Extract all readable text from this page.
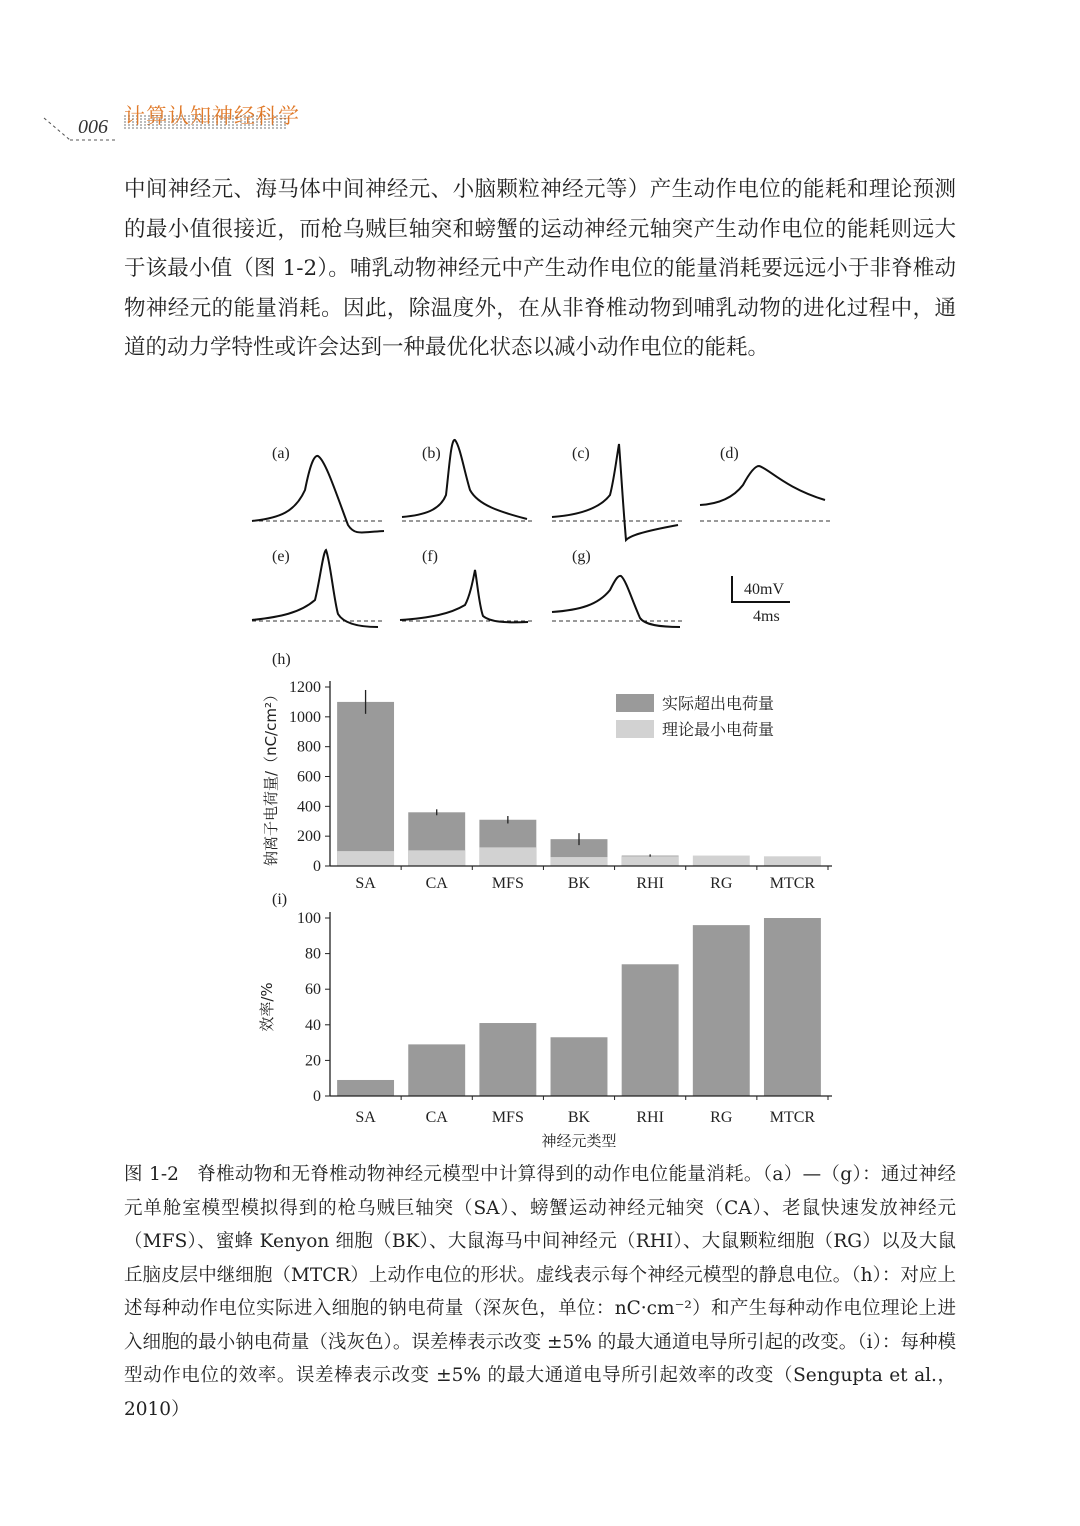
006 计算认知神经科学

中间神经元、海马体中间神经元、小脑颗粒神经元等）产生动作电位的能耗和理论预测的最小值很接近，而枪乌贼巨轴突和螃蟹的运动神经元轴突产生动作电位的能耗则远大于该最小值（图 1-2）。哺乳动物神经元中产生动作电位的能量消耗要远远小于非脊椎动物神经元的能量消耗。因此，除温度外，在从非脊椎动物到哺乳动物的进化过程中，通道的动力学特性或许会达到一种最优化状态以减小动作电位的能耗。

(a)	(b)	(c)	(d)
(e)	(f)	(g)
40mV
4ms
(h)
SA	CA	MFS	BK	RHI	RG MTCR
0
200
400
600
800
1000
1200
钠离子电荷量/（nC/cm²）	实际超出电荷量
理论最小电荷量
(i)
SA	CA	MFS	BK	RHI	RG MTCR
0
20
40
60
80
100
效率/%
神经元类型

图 1-2 脊椎动物和无脊椎动物神经元模型中计算得到的动作电位能量消耗。（a）—（g）：通过神经元单舱室模型模拟得到的枪乌贼巨轴突（SA）、螃蟹运动神经元轴突（CA）、老鼠快速发放神经元（MFS）、蜜蜂 Kenyon 细胞（BK）、大鼠海马中间神经元（RHI）、大鼠颗粒细胞（RG）以及大鼠丘脑皮层中继细胞（MTCR）上动作电位的形状。虚线表示每个神经元模型的静息电位。（h）：对应上述每种动作电位实际进入细胞的钠电荷量（深灰色，单位：nC·cm⁻²）和产生每种动作电位理论上进入细胞的最小钠电荷量（浅灰色）。误差棒表示改变 ±5% 的最大通道电导所引起的改变。（i）：每种模型动作电位的效率。误差棒表示改变 ±5% 的最大通道电导所引起效率的改变（Sengupta et al.，2010）
